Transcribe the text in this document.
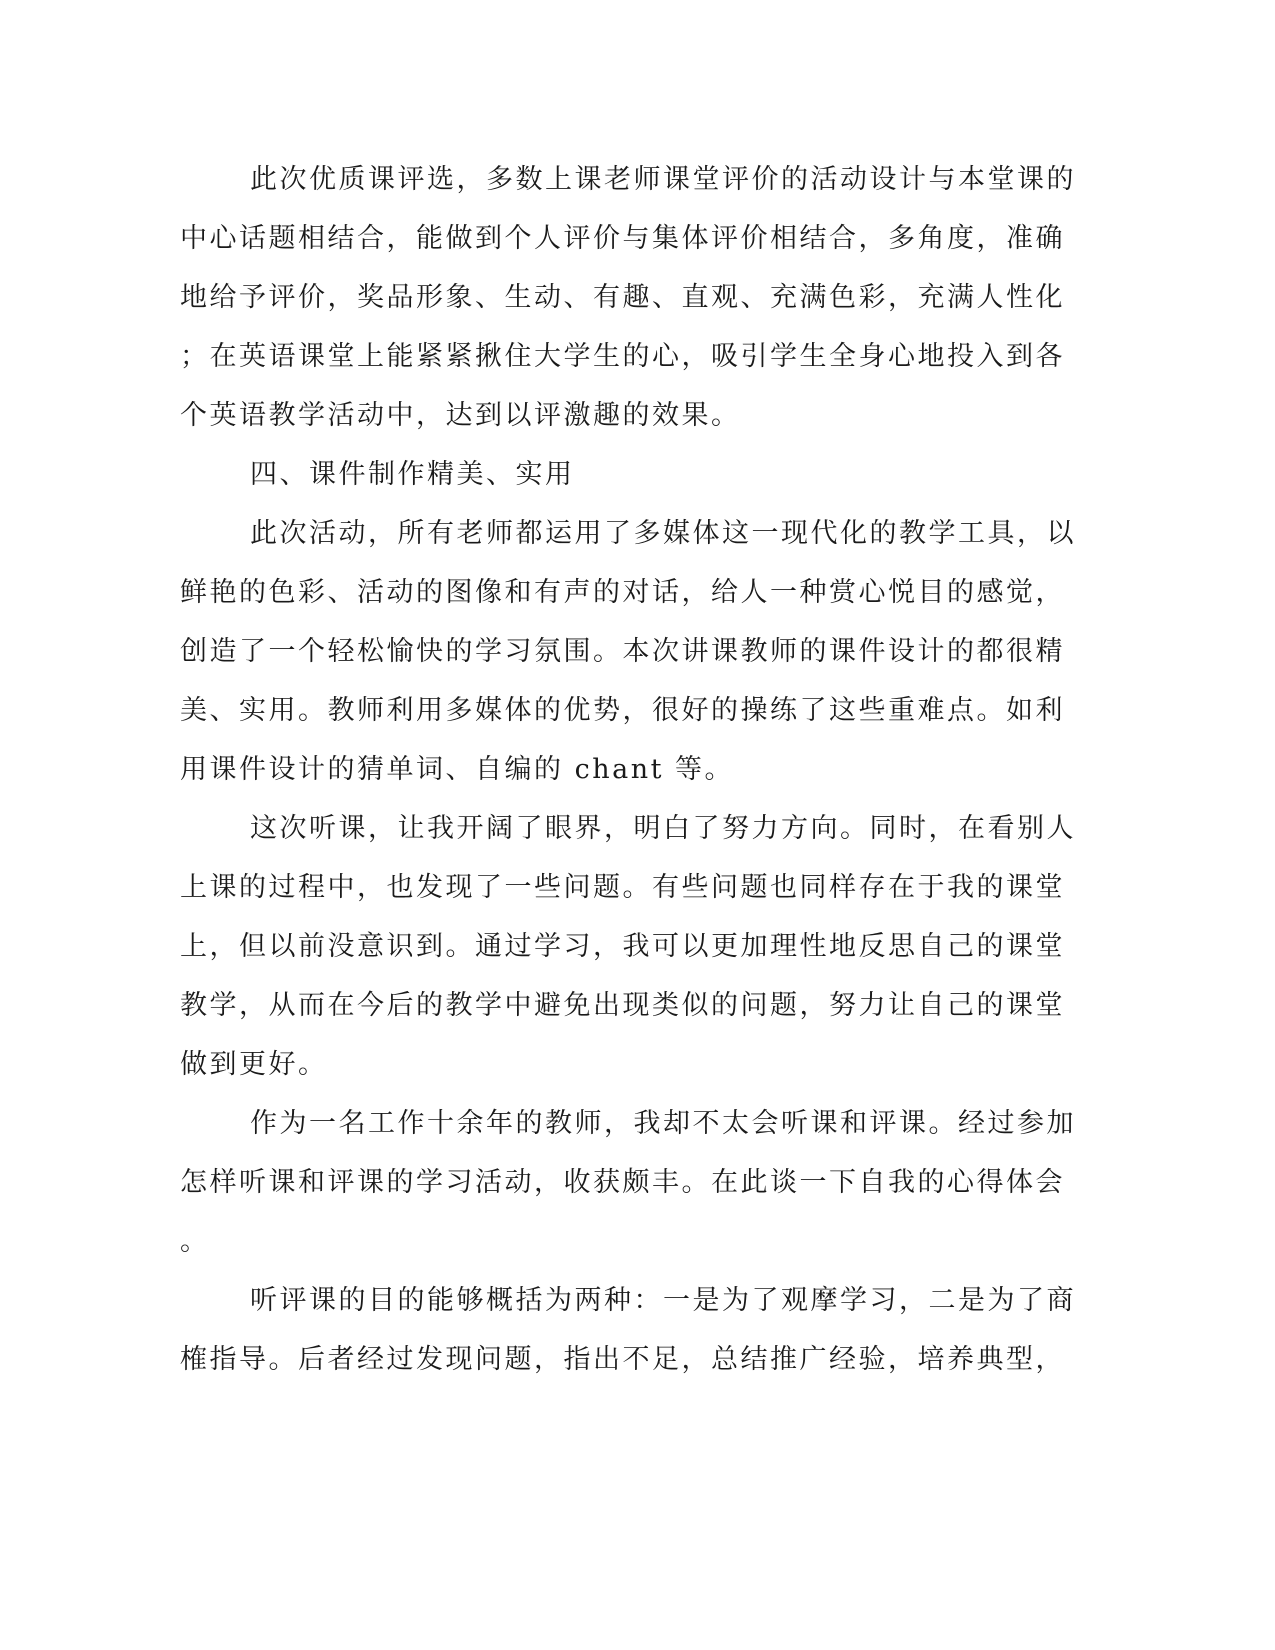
此次优质课评选，多数上课老师课堂评价的活动设计与本堂课的
中心话题相结合，能做到个人评价与集体评价相结合，多角度，准确
地给予评价，奖品形象、生动、有趣、直观、充满色彩，充满人性化
；在英语课堂上能紧紧揪住大学生的心，吸引学生全身心地投入到各
个英语教学活动中，达到以评激趣的效果。
四、课件制作精美、实用
此次活动，所有老师都运用了多媒体这一现代化的教学工具，以
鲜艳的色彩、活动的图像和有声的对话，给人一种赏心悦目的感觉，
创造了一个轻松愉快的学习氛围。本次讲课教师的课件设计的都很精
美、实用。教师利用多媒体的优势，很好的操练了这些重难点。如利
用课件设计的猜单词、自编的 chant 等。
这次听课，让我开阔了眼界，明白了努力方向。同时，在看别人
上课的过程中，也发现了一些问题。有些问题也同样存在于我的课堂
上，但以前没意识到。通过学习，我可以更加理性地反思自己的课堂
教学，从而在今后的教学中避免出现类似的问题，努力让自己的课堂
做到更好。
作为一名工作十余年的教师，我却不太会听课和评课。经过参加
怎样听课和评课的学习活动，收获颇丰。在此谈一下自我的心得体会
。
听评课的目的能够概括为两种：一是为了观摩学习，二是为了商
榷指导。后者经过发现问题，指出不足，总结推广经验，培养典型，
